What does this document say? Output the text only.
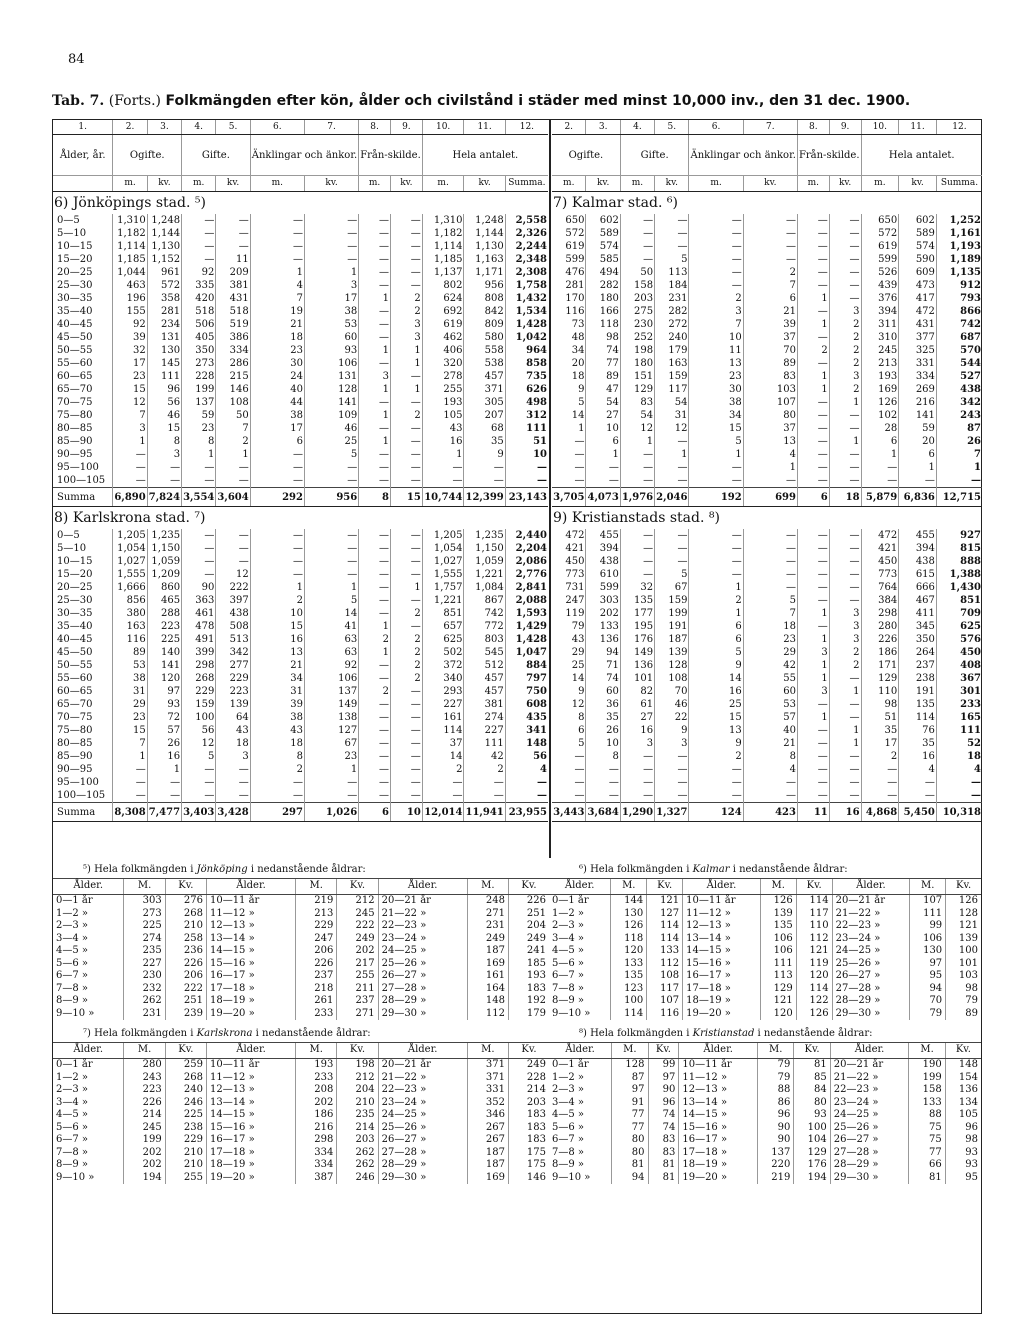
84
Tab. 7. (Forts.) Folkmängden efter kön, ålder och civilstånd i städer med minst 10,000 inv., den 31 dec. 1900.
1.	2.	3.	4.	5.	6.	7.	8.	9.	10.	11.	12.
Ålder, år.	Ogifte.		Gifte.		Änklingar och änkor.		Från-skilde.		Hela antalet.		
	m.	kv.	m.	kv.	m.	kv.	m.	kv.	m.	kv.	Summa.
6) Jönköpings stad. ⁵)											
0—5	1,310	1,248	—	—	—	—	—	—	1,310	1,248	2,558
5—10	1,182	1,144	—	—	—	—	—	—	1,182	1,144	2,326
10—15	1,114	1,130	—	—	—	—	—	—	1,114	1,130	2,244
15—20	1,185	1,152	—	11	—	—	—	—	1,185	1,163	2,348
20—25	1,044	961	92	209	1	1	—	—	1,137	1,171	2,308
25—30	463	572	335	381	4	3	—	—	802	956	1,758
30—35	196	358	420	431	7	17	1	2	624	808	1,432
35—40	155	281	518	518	19	38	—	2	692	842	1,534
40—45	92	234	506	519	21	53	—	3	619	809	1,428
45—50	39	131	405	386	18	60	—	3	462	580	1,042
50—55	32	130	350	334	23	93	1	1	406	558	964
55—60	17	145	273	286	30	106	—	1	320	538	858
60—65	23	111	228	215	24	131	3	—	278	457	735
65—70	15	96	199	146	40	128	1	1	255	371	626
70—75	12	56	137	108	44	141	—	—	193	305	498
75—80	7	46	59	50	38	109	1	2	105	207	312
80—85	3	15	23	7	17	46	—	—	43	68	111
85—90	1	8	8	2	6	25	1	—	16	35	51
90—95	—	3	1	1	—	5	—	—	1	9	10
95—100	—	—	—	—	—	—	—	—	—	—	—
100—105	—	—	—	—	—	—	—	—	—	—	—
Summa	6,890	7,824	3,554	3,604	292	956	8	15	10,744	12,399	23,143
8) Karlskrona stad. ⁷)											
0—5	1,205	1,235	—	—	—	—	—	—	1,205	1,235	2,440
5—10	1,054	1,150	—	—	—	—	—	—	1,054	1,150	2,204
10—15	1,027	1,059	—	—	—	—	—	—	1,027	1,059	2,086
15—20	1,555	1,209	—	12	—	—	—	—	1,555	1,221	2,776
20—25	1,666	860	90	222	1	1	—	1	1,757	1,084	2,841
25—30	856	465	363	397	2	5	—	—	1,221	867	2,088
30—35	380	288	461	438	10	14	—	2	851	742	1,593
35—40	163	223	478	508	15	41	1	—	657	772	1,429
40—45	116	225	491	513	16	63	2	2	625	803	1,428
45—50	89	140	399	342	13	63	1	2	502	545	1,047
50—55	53	141	298	277	21	92	—	2	372	512	884
55—60	38	120	268	229	34	106	—	2	340	457	797
60—65	31	97	229	223	31	137	2	—	293	457	750
65—70	29	93	159	139	39	149	—	—	227	381	608
70—75	23	72	100	64	38	138	—	—	161	274	435
75—80	15	57	56	43	43	127	—	—	114	227	341
80—85	7	26	12	18	18	67	—	—	37	111	148
85—90	1	16	5	3	8	23	—	—	14	42	56
90—95	—	1	—	—	2	1	—	—	2	2	4
95—100	—	—	—	—	—	—	—	—	—	—	—
100—105	—	—	—	—	—	—	—	—	—	—	—
Summa	8,308	7,477	3,403	3,428	297	1,026	6	10	12,014	11,941	23,955
2.	3.	4.	5.	6.	7.	8.	9.	10.	11.	12.
Ogifte.		Gifte.		Änklingar och änkor.		Från-skilde.		Hela antalet.		
m.	kv.	m.	kv.	m.	kv.	m.	kv.	m.	kv.	Summa.
7) Kalmar stad. ⁶)										
650	602	—	—	—	—	—	—	650	602	1,252
572	589	—	—	—	—	—	—	572	589	1,161
619	574	—	—	—	—	—	—	619	574	1,193
599	585	—	5	—	—	—	—	599	590	1,189
476	494	50	113	—	2	—	—	526	609	1,135
281	282	158	184	—	7	—	—	439	473	912
170	180	203	231	2	6	1	—	376	417	793
116	166	275	282	3	21	—	3	394	472	866
73	118	230	272	7	39	1	2	311	431	742
48	98	252	240	10	37	—	2	310	377	687
34	74	198	179	11	70	2	2	245	325	570
20	77	180	163	13	89	—	2	213	331	544
18	89	151	159	23	83	1	3	193	334	527
9	47	129	117	30	103	1	2	169	269	438
5	54	83	54	38	107	—	1	126	216	342
14	27	54	31	34	80	—	—	102	141	243
1	10	12	12	15	37	—	—	28	59	87
—	6	1	—	5	13	—	1	6	20	26
—	1	—	1	1	4	—	—	1	6	7
—	—	—	—	—	1	—	—	—	1	1
—	—	—	—	—	—	—	—	—	—	—
3,705	4,073	1,976	2,046	192	699	6	18	5,879	6,836	12,715
9) Kristianstads stad. ⁸)										
472	455	—	—	—	—	—	—	472	455	927
421	394	—	—	—	—	—	—	421	394	815
450	438	—	—	—	—	—	—	450	438	888
773	610	—	5	—	—	—	—	773	615	1,388
731	599	32	67	1	—	—	—	764	666	1,430
247	303	135	159	2	5	—	—	384	467	851
119	202	177	199	1	7	1	3	298	411	709
79	133	195	191	6	18	—	3	280	345	625
43	136	176	187	6	23	1	3	226	350	576
29	94	149	139	5	29	3	2	186	264	450
25	71	136	128	9	42	1	2	171	237	408
14	74	101	108	14	55	1	—	129	238	367
9	60	82	70	16	60	3	1	110	191	301
12	36	61	46	25	53	—	—	98	135	233
8	35	27	22	15	57	1	—	51	114	165
6	26	16	9	13	40	—	1	35	76	111
5	10	3	3	9	21	—	1	17	35	52
—	8	—	—	2	8	—	—	2	16	18
—	—	—	—	—	4	—	—	—	4	4
—	—	—	—	—	—	—	—	—	—	—
—	—	—	—	—	—	—	—	—	—	—
3,443	3,684	1,290	1,327	124	423	11	16	4,868	5,450	10,318
⁵) Hela folkmängden i Jönköping i nedanstående åldrar:
Ålder.	M.	Kv.	Ålder.	M.	Kv.	Ålder.	M.	Kv.
0—1 år	303	276	10—11 år	219	212	20—21 år	248	226
1—2 »	273	268	11—12 »	213	245	21—22 »	271	251
2—3 »	225	210	12—13 »	229	222	22—23 »	231	204
3—4 »	274	258	13—14 »	247	249	23—24 »	249	249
4—5 »	235	236	14—15 »	206	202	24—25 »	187	241
5—6 »	227	226	15—16 »	226	217	25—26 »	169	185
6—7 »	230	206	16—17 »	237	255	26—27 »	161	193
7—8 »	232	222	17—18 »	218	211	27—28 »	164	183
8—9 »	262	251	18—19 »	261	237	28—29 »	148	192
9—10 »	231	239	19—20 »	233	271	29—30 »	112	179
⁶) Hela folkmängden i Kalmar i nedanstående åldrar:
Ålder.	M.	Kv.	Ålder.	M.	Kv.	Ålder.	M.	Kv.
0—1 år	144	121	10—11 år	126	114	20—21 år	107	126
1—2 »	130	127	11—12 »	139	117	21—22 »	111	128
2—3 »	126	114	12—13 »	135	110	22—23 »	99	121
3—4 »	118	114	13—14 »	106	112	23—24 »	106	139
4—5 »	120	133	14—15 »	106	121	24—25 »	130	100
5—6 »	133	112	15—16 »	111	119	25—26 »	97	101
6—7 »	135	108	16—17 »	113	120	26—27 »	95	103
7—8 »	123	117	17—18 »	129	114	27—28 »	94	98
8—9 »	100	107	18—19 »	121	122	28—29 »	70	79
9—10 »	114	116	19—20 »	120	126	29—30 »	79	89
⁷) Hela folkmängden i Karlskrona i nedanstående åldrar:
Ålder.	M.	Kv.	Ålder.	M.	Kv.	Ålder.	M.	Kv.
0—1 år	280	259	10—11 år	193	198	20—21 år	371	249
1—2 »	243	268	11—12 »	233	212	21—22 »	371	228
2—3 »	223	240	12—13 »	208	204	22—23 »	331	214
3—4 »	226	246	13—14 »	202	210	23—24 »	352	203
4—5 »	214	225	14—15 »	186	235	24—25 »	346	183
5—6 »	245	238	15—16 »	216	214	25—26 »	267	183
6—7 »	199	229	16—17 »	298	203	26—27 »	267	183
7—8 »	202	210	17—18 »	334	262	27—28 »	187	175
8—9 »	202	210	18—19 »	334	262	28—29 »	187	175
9—10 »	194	255	19—20 »	387	246	29—30 »	169	146
⁸) Hela folkmängden i Kristianstad i nedanstående åldrar:
Ålder.	M.	Kv.	Ålder.	M.	Kv.	Ålder.	M.	Kv.
0—1 år	128	99	10—11 år	79	81	20—21 år	190	148
1—2 »	87	97	11—12 »	79	85	21—22 »	199	154
2—3 »	97	90	12—13 »	88	84	22—23 »	158	136
3—4 »	91	96	13—14 »	86	80	23—24 »	133	134
4—5 »	77	74	14—15 »	96	93	24—25 »	88	105
5—6 »	77	74	15—16 »	90	100	25—26 »	75	96
6—7 »	80	83	16—17 »	90	104	26—27 »	75	98
7—8 »	80	83	17—18 »	137	129	27—28 »	77	93
8—9 »	81	81	18—19 »	220	176	28—29 »	66	93
9—10 »	94	81	19—20 »	219	194	29—30 »	81	95
